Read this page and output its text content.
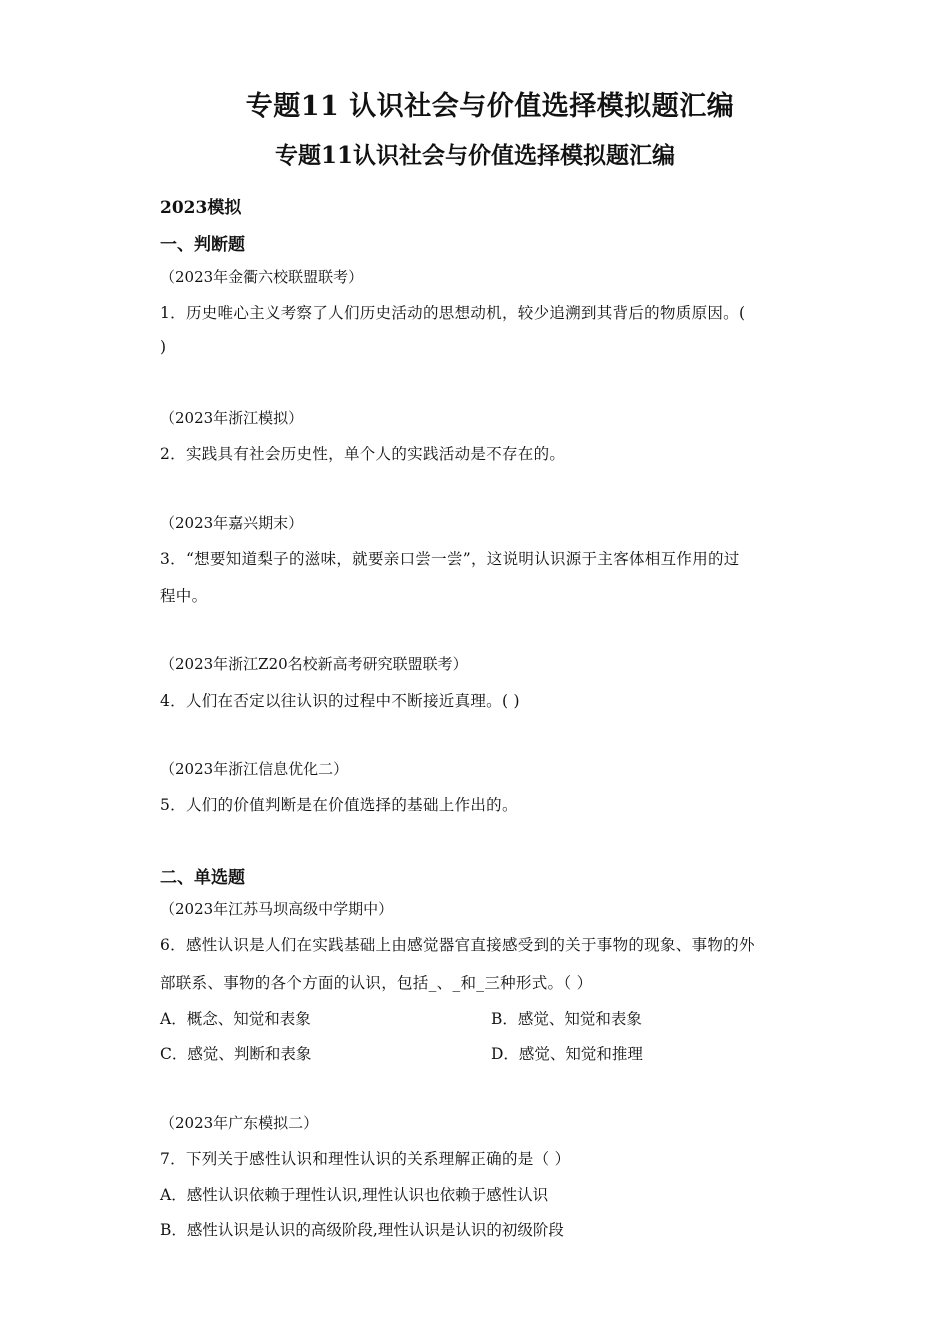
专题11 认识社会与价值选择模拟题汇编
专题11认识社会与价值选择模拟题汇编
2023模拟
一、判断题
（2023年金衢六校联盟联考）
1．历史唯心主义考察了人们历史活动的思想动机，较少追溯到其背后的物质原因。(
)
（2023年浙江模拟）
2．实践具有社会历史性，单个人的实践活动是不存在的。
（2023年嘉兴期末）
3．“想要知道梨子的滋味，就要亲口尝一尝”，这说明认识源于主客体相互作用的过
程中。
（2023年浙江Z20名校新高考研究联盟联考）
4．人们在否定以往认识的过程中不断接近真理。( )
（2023年浙江信息优化二）
5．人们的价值判断是在价值选择的基础上作出的。
二、单选题
（2023年江苏马坝高级中学期中）
6．感性认识是人们在实践基础上由感觉器官直接感受到的关于事物的现象、事物的外
部联系、事物的各个方面的认识，包括_、_和_三种形式。（ ）
A．概念、知觉和表象	B．感觉、知觉和表象
C．感觉、判断和表象	D．感觉、知觉和推理
（2023年广东模拟二）
7．下列关于感性认识和理性认识的关系理解正确的是（ ）
A．感性认识依赖于理性认识,理性认识也依赖于感性认识
B．感性认识是认识的高级阶段,理性认识是认识的初级阶段
